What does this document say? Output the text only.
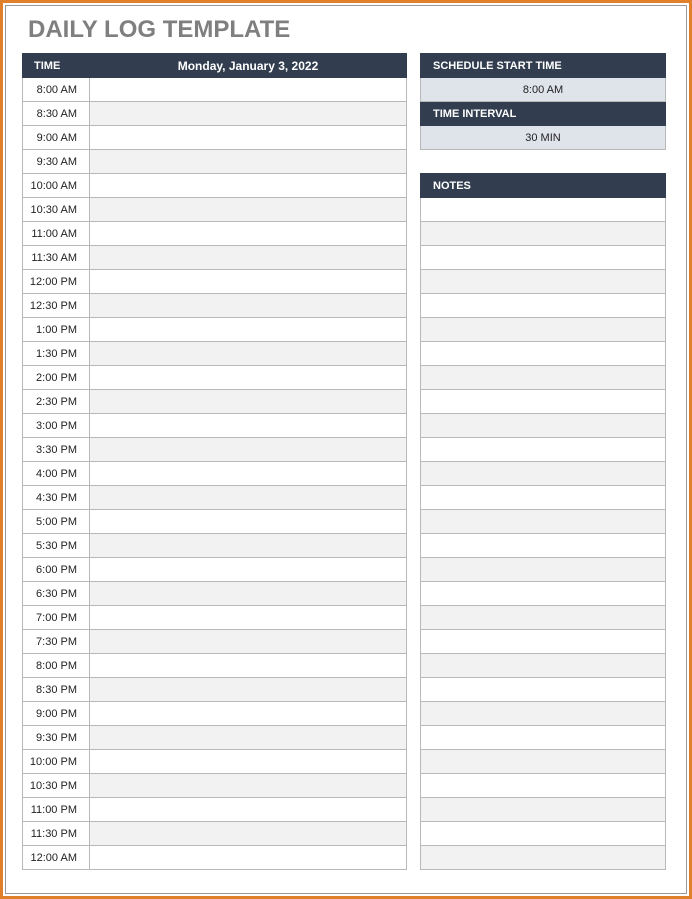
DAILY LOG TEMPLATE
TIME	Monday, January 3, 2022
8:00 AM	
8:30 AM	
9:00 AM	
9:30 AM	
10:00 AM	
10:30 AM	
11:00 AM	
11:30 AM	
12:00 PM	
12:30 PM	
1:00 PM	
1:30 PM	
2:00 PM	
2:30 PM	
3:00 PM	
3:30 PM	
4:00 PM	
4:30 PM	
5:00 PM	
5:30 PM	
6:00 PM	
6:30 PM	
7:00 PM	
7:30 PM	
8:00 PM	
8:30 PM	
9:00 PM	
9:30 PM	
10:00 PM	
10:30 PM	
11:00 PM	
11:30 PM	
12:00 AM	
SCHEDULE START TIME
8:00 AM
TIME INTERVAL
30 MIN
NOTES
